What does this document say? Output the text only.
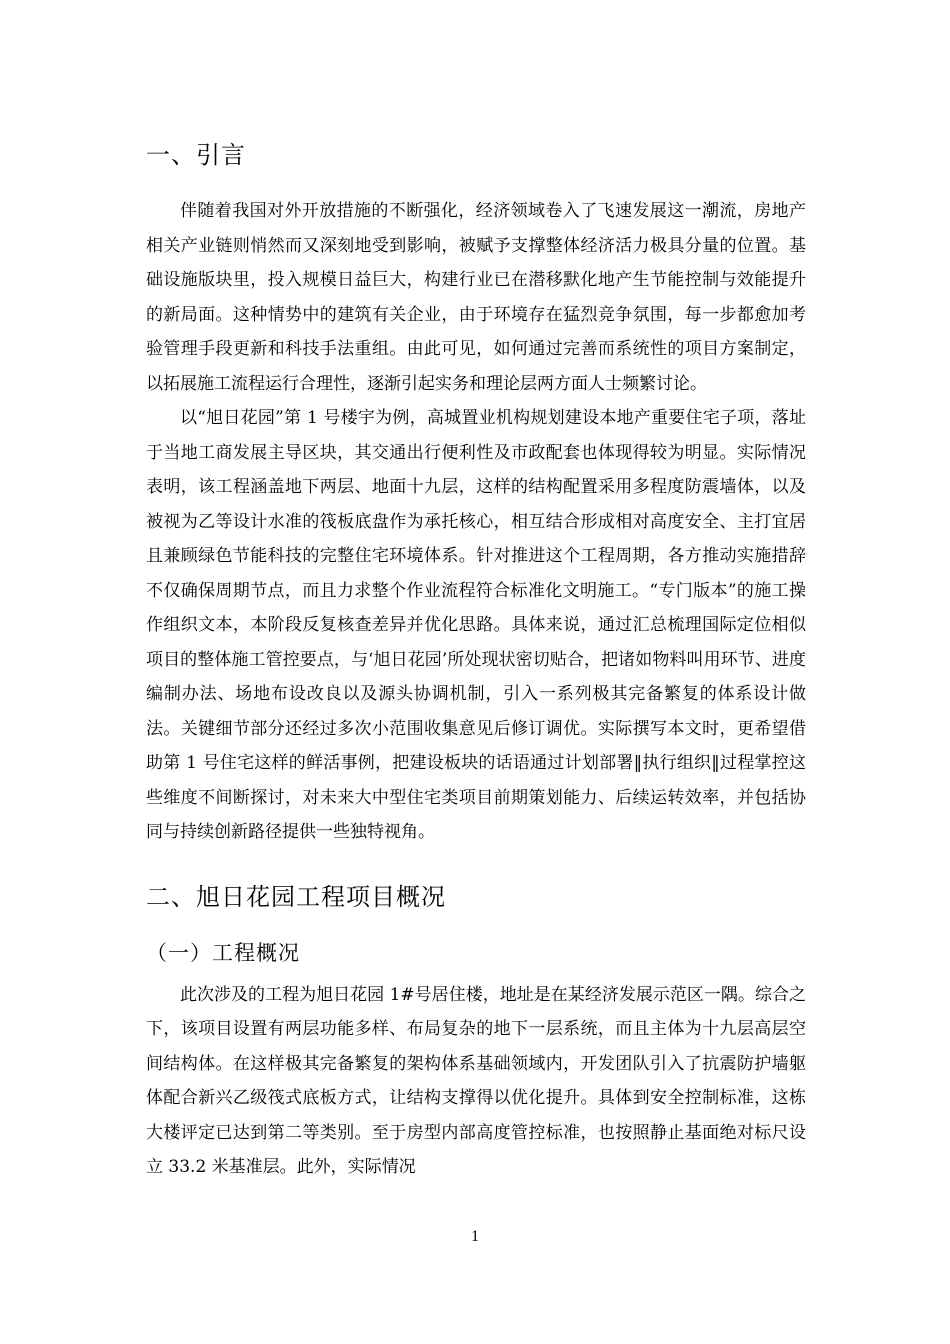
一、引言

伴随着我国对外开放措施的不断强化，经济领域卷入了飞速发展这一潮流，房地产相关产业链则悄然而又深刻地受到影响，被赋予支撑整体经济活力极具分量的位置。基础设施版块里，投入规模日益巨大，构建行业已在潜移默化地产生节能控制与效能提升的新局面。这种情势中的建筑有关企业，由于环境存在猛烈竞争氛围，每一步都愈加考验管理手段更新和科技手法重组。由此可见，如何通过完善而系统性的项目方案制定，以拓展施工流程运行合理性，逐渐引起实务和理论层两方面人士频繁讨论。

以“旭日花园”第 1 号楼宇为例，高城置业机构规划建设本地产重要住宅子项，落址于当地工商发展主导区块，其交通出行便利性及市政配套也体现得较为明显。实际情况表明，该工程涵盖地下两层、地面十九层，这样的结构配置采用多程度防震墙体，以及被视为乙等设计水准的筏板底盘作为承托核心，相互结合形成相对高度安全、主打宜居且兼顾绿色节能科技的完整住宅环境体系。针对推进这个工程周期，各方推动实施措辞不仅确保周期节点，而且力求整个作业流程符合标准化文明施工。“专门版本”的施工操作组织文本，本阶段反复核查差异并优化思路。具体来说，通过汇总梳理国际定位相似项目的整体施工管控要点，与‘旭日花园’所处现状密切贴合，把诸如物料叫用环节、进度编制办法、场地布设改良以及源头协调机制，引入一系列极其完备繁复的体系设计做法。关键细节部分还经过多次小范围收集意见后修订调优。实际撰写本文时，更希望借助第 1 号住宅这样的鲜活事例，把建设板块的话语通过计划部署‖执行组织‖过程掌控这些维度不间断探讨，对未来大中型住宅类项目前期策划能力、后续运转效率，并包括协同与持续创新路径提供一些独特视角。

二、旭日花园工程项目概况
（一）工程概况

此次涉及的工程为旭日花园 1#号居住楼，地址是在某经济发展示范区一隅。综合之下，该项目设置有两层功能多样、布局复杂的地下一层系统，而且主体为十九层高层空间结构体。在这样极其完备繁复的架构体系基础领域内，开发团队引入了抗震防护墙躯体配合新兴乙级筏式底板方式，让结构支撑得以优化提升。具体到安全控制标准，这栋大楼评定已达到第二等类别。至于房型内部高度管控标准，也按照静止基面绝对标尺设立 33.2 米基准层。此外，实际情况

1
